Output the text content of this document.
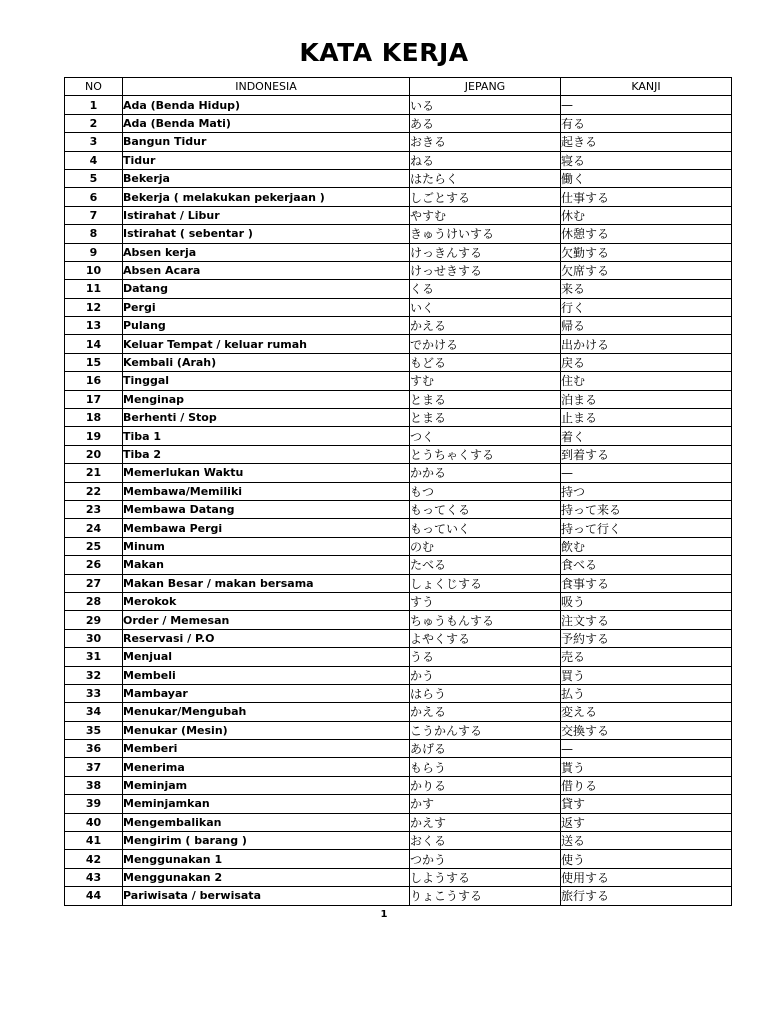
KATA KERJA
NO	INDONESIA	JEPANG	KANJI
1	Ada (Benda Hidup)	いる	—
2	Ada (Benda Mati)	ある	有る
3	Bangun Tidur	おきる	起きる
4	Tidur	ねる	寝る
5	Bekerja	はたらく	働く
6	Bekerja ( melakukan pekerjaan )	しごとする	仕事する
7	Istirahat / Libur	やすむ	休む
8	Istirahat ( sebentar )	きゅうけいする	休憩する
9	Absen kerja	けっきんする	欠勤する
10	Absen Acara	けっせきする	欠席する
11	Datang	くる	来る
12	Pergi	いく	行く
13	Pulang	かえる	帰る
14	Keluar Tempat / keluar rumah	でかける	出かける
15	Kembali (Arah)	もどる	戻る
16	Tinggal	すむ	住む
17	Menginap	とまる	泊まる
18	Berhenti / Stop	とまる	止まる
19	Tiba 1	つく	着く
20	Tiba 2	とうちゃくする	到着する
21	Memerlukan Waktu	かかる	—
22	Membawa/Memiliki	もつ	持つ
23	Membawa Datang	もってくる	持って来る
24	Membawa Pergi	もっていく	持って行く
25	Minum	のむ	飲む
26	Makan	たべる	食べる
27	Makan Besar / makan bersama	しょくじする	食事する
28	Merokok	すう	吸う
29	Order / Memesan	ちゅうもんする	注文する
30	Reservasi / P.O	よやくする	予約する
31	Menjual	うる	売る
32	Membeli	かう	買う
33	Mambayar	はらう	払う
34	Menukar/Mengubah	かえる	変える
35	Menukar (Mesin)	こうかんする	交換する
36	Memberi	あげる	—
37	Menerima	もらう	貰う
38	Meminjam	かりる	借りる
39	Meminjamkan	かす	貸す
40	Mengembalikan	かえす	返す
41	Mengirim ( barang )	おくる	送る
42	Menggunakan 1	つかう	使う
43	Menggunakan 2	しようする	使用する
44	Pariwisata / berwisata	りょこうする	旅行する
1
